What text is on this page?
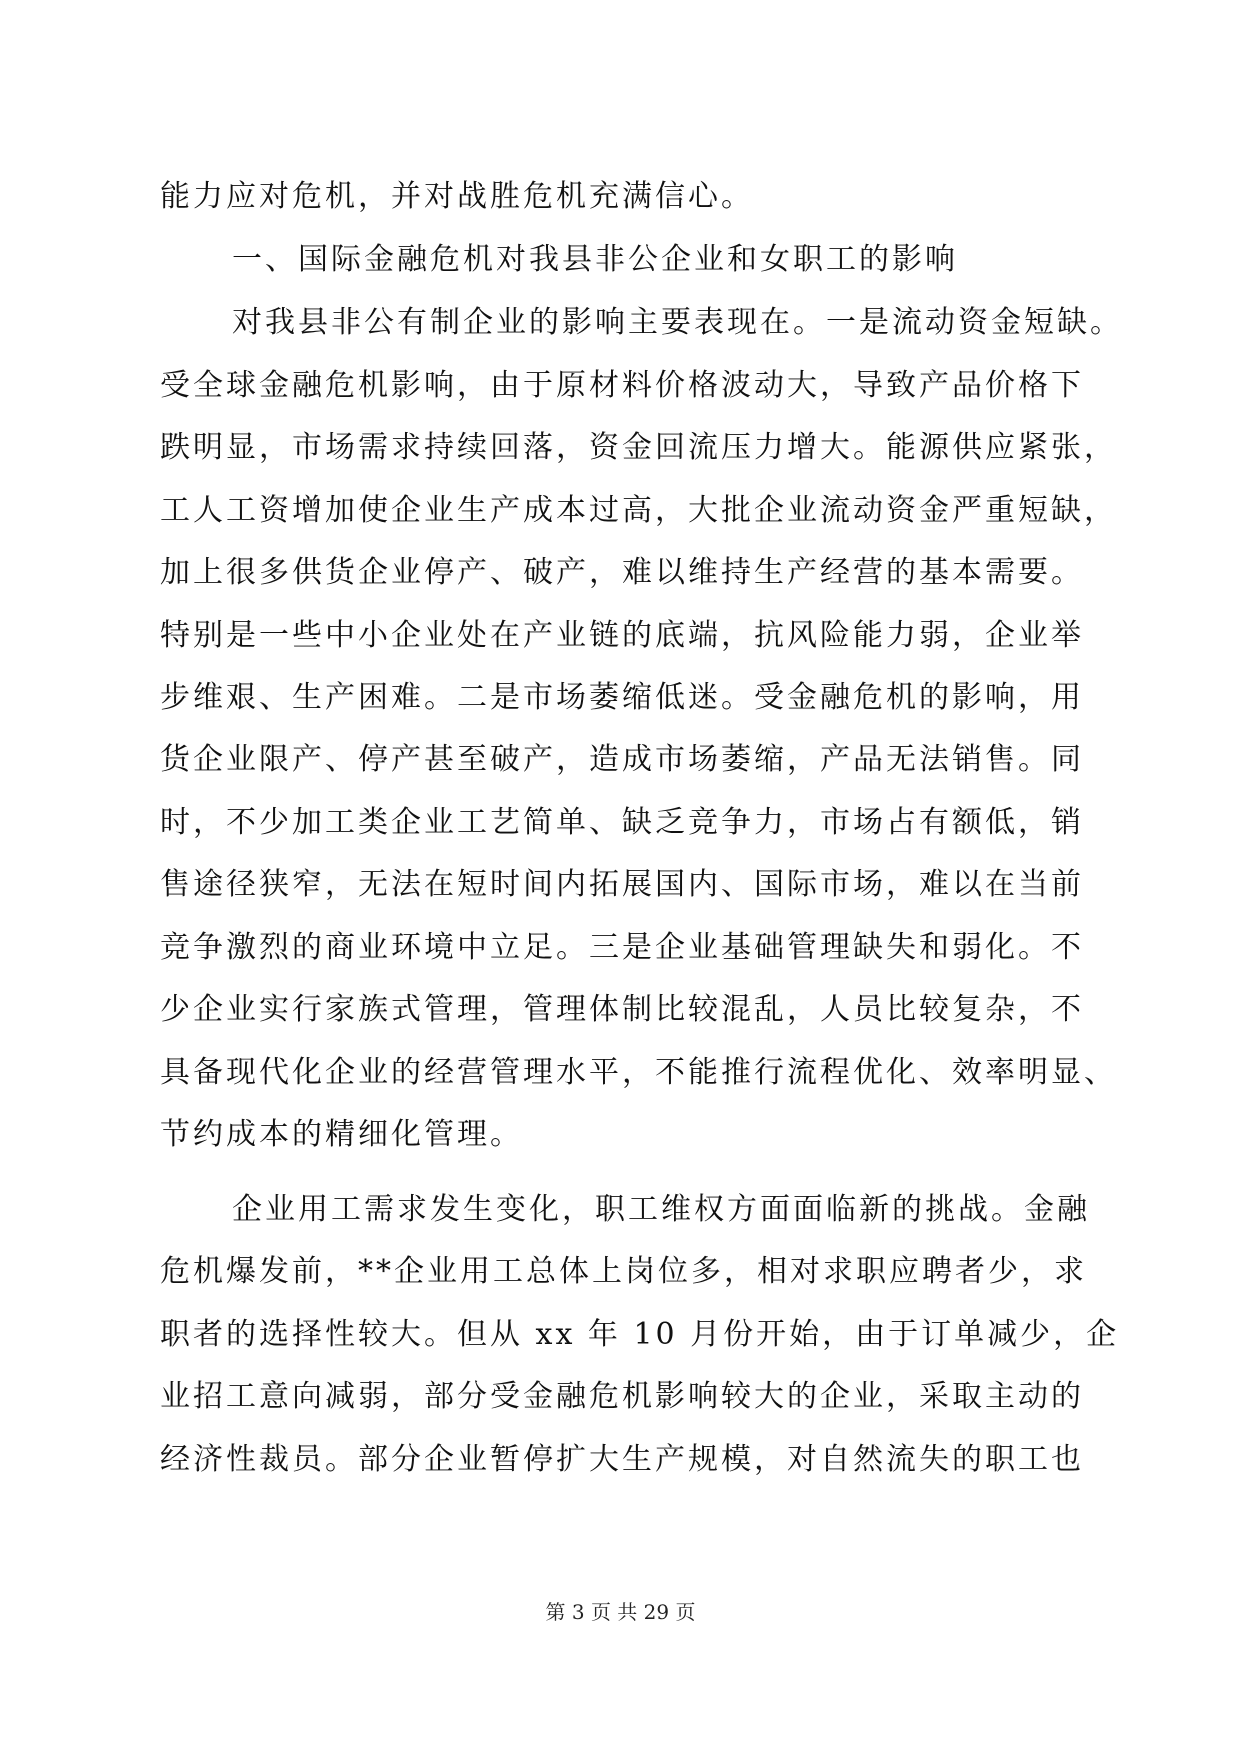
能力应对危机，并对战胜危机充满信心。
一、国际金融危机对我县非公企业和女职工的影响
对我县非公有制企业的影响主要表现在。一是流动资金短缺。
受全球金融危机影响，由于原材料价格波动大，导致产品价格下
跌明显，市场需求持续回落，资金回流压力增大。能源供应紧张，
工人工资增加使企业生产成本过高，大批企业流动资金严重短缺，
加上很多供货企业停产、破产，难以维持生产经营的基本需要。
特别是一些中小企业处在产业链的底端，抗风险能力弱，企业举
步维艰、生产困难。二是市场萎缩低迷。受金融危机的影响，用
货企业限产、停产甚至破产，造成市场萎缩，产品无法销售。同
时，不少加工类企业工艺简单、缺乏竞争力，市场占有额低，销
售途径狭窄，无法在短时间内拓展国内、国际市场，难以在当前
竞争激烈的商业环境中立足。三是企业基础管理缺失和弱化。不
少企业实行家族式管理，管理体制比较混乱，人员比较复杂，不
具备现代化企业的经营管理水平，不能推行流程优化、效率明显、
节约成本的精细化管理。
企业用工需求发生变化，职工维权方面面临新的挑战。金融
危机爆发前，**企业用工总体上岗位多，相对求职应聘者少，求
职者的选择性较大。但从 xx 年 10 月份开始，由于订单减少，企
业招工意向减弱，部分受金融危机影响较大的企业，采取主动的
经济性裁员。部分企业暂停扩大生产规模，对自然流失的职工也
第 3 页 共 29 页
